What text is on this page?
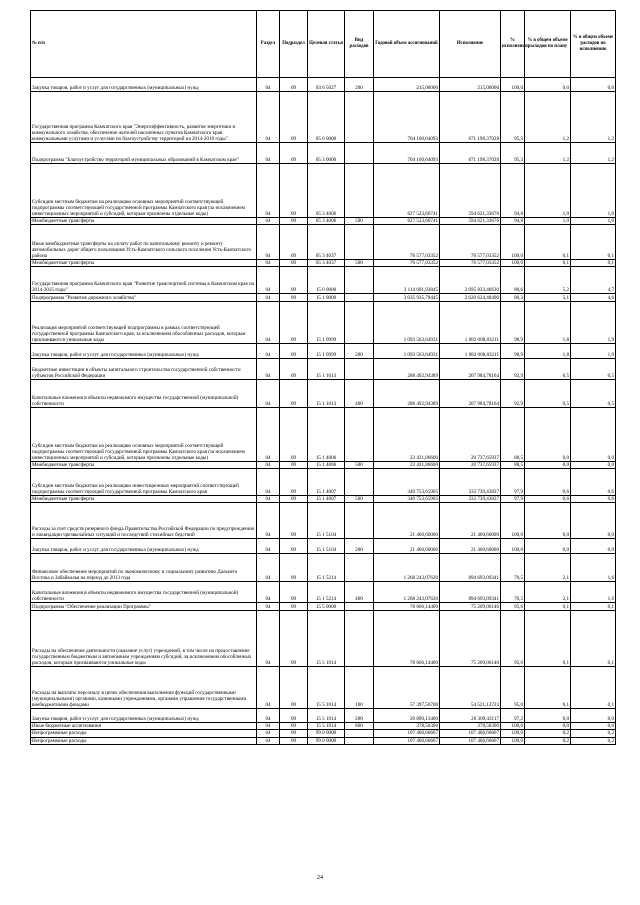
№ п/п	Раздел	Подраздел	Целевая статья	Вид расходов	Годовой объем ассигнований	Исполнение	% исполнения	% в общем объеме расходов по плану	% в общем объеме расходов по исполнению
Закупка товаров, работ и услуг для государственных (муниципальных) нужд	04	09	03 6 5027	200	215,00000	215,00000	100,0	0,0	0,0
Государственная программа Камчатского края "Энергоэффективность, развитие энергетики и коммунального хозяйства, обеспечение жителей населенных пунктов Камчатского края коммунальными услугами и услугами по благоустройству территорий на 2014-2018 годы"	04	09	05 0 0000		704 100,64093	671 198,37028	95,3	1,2	1,2
Подпрограмма "Благоустройство территорий муниципальных образований в Камчатском крае"	04	09	05 3 0000		704 100,64093	671 198,37028	95,3	1,2	1,2
Субсидии местным бюджетам на реализацию основных мероприятий соответствующей подпрограммы соответствующей государственной программы Камчатского края (за исключением инвестиционных мероприятий и субсидий, которым присвоены отдельные коды)	04	09	05 3 4006		627 523,60741	594 621,33676	94,8	1,0	1,0
Межбюджетные трансферты	04	09	05 3 4006	500	627 523,60741	594 621,33676	94,8	1,0	1,0
Иные межбюджетные трансферты на оплату работ по капитальному ремонту и ремонту автомобильных дорог общего пользования Усть-Камчатского сельского поселения Усть-Камчатского района	04	09	05 3 4037		76 577,03352	76 577,03352	100,0	0,1	0,1
Межбюджетные трансферты	04	09	05 3 4037	500	76 577,03352	76 577,03352	100,0	0,1	0,1
Государственная программа Камчатского края "Развитие транспортной системы в Камчатском крае на 2014-2025 годы"	04	09	15 0 0000		3 114 601,93845	2 695 833,46630	86,6	5,2	4,7
Подпрограмма "Развитие дорожного хозяйства"	04	09	15 1 0000		3 035 935,79445	2 620 624,40490	86,3	5,1	4,6
Реализация мероприятий соответствующей подпрограммы в рамках соответствующей государственной программы Камчатского края, за исключением обособленных расходов, которым присваиваются уникальные коды	04	09	15 1 0999		1 093 563,64931	1 082 008,83211	98,9	1,8	1,9
Закупка товаров, работ и услуг для государственных (муниципальных) нужд	04	09	15 1 0999	200	1 093 563,64931	1 082 008,83211	98,9	1,8	1,9
Бюджетные инвестиции в объекты капитального строительства государственной собственности субъектов Российской Федерации	04	09	15 1 1013		288 492,94389	267 984,78164	92,9	0,5	0,5
Капитальные вложения в объекты недвижимого имущества государственной (муниципальной) собственности	04	09	15 1 1013	400	288 492,94389	267 984,78164	92,9	0,5	0,5
Субсидии местным бюджетам на реализацию основных мероприятий соответствующей подпрограммы соответствующей государственной программы Камчатского края (за исключением инвестиционных мероприятий и субсидий, которым присвоены отдельные коды)	04	09	15 1 4006		23 421,86600	20 737,65937	88,5	0,0	0,0
Межбюджетные трансферты	04	09	15 1 4006	500	23 421,86600	20 737,65937	88,5	0,0	0,0
Субсидии местным бюджетам на реализацию инвестиционных мероприятий соответствующей подпрограммы соответствующей государственной программы Камчатского края	04	09	15 1 4007		340 753,65905	333 739,43837	97,9	0,6	0,6
Межбюджетные трансферты	04	09	15 1 4007	500	340 753,65905	333 739,43837	97,9	0,6	0,6
Расходы за счет средств резервного фонда Правительства Российской Федерации по предупреждению и ликвидации чрезвычайных ситуаций и последствий стихийных бедствий	04	09	15 1 5104		21 460,60000	21 460,60000	100,0	0,0	0,0
Закупка товаров, работ и услуг для государственных (муниципальных) нужд	04	09	15 1 5104	200	21 460,60000	21 460,60000	100,0	0,0	0,0
Финансовое обеспечение мероприятий по экономическому и социальному развитию Дальнего Востока и Забайкалья на период до 2013 года	04	09	15 1 5214		1 268 243,07620	894 693,09341	70,5	2,1	1,6
Капитальные вложения в объекты недвижимого имущества государственной (муниципальной) собственности	04	09	15 1 5214	400	1 268 243,07620	894 693,09341	70,5	2,1	1,6
Подпрограмма "Обеспечение реализации Программы"	04	09	15 5 0000		78 666,14400	75 209,06140	95,6	0,1	0,1
Расходы на обеспечение деятельности (оказание услуг) учреждений, в том числе на предоставление государственным бюджетным и автономным учреждениям субсидий, за исключением обособленных расходов, которым присваиваются уникальные коды	04	09	15 5 1014		78 666,14400	75 209,06140	95,6	0,1	0,1
Расходы на выплаты персоналу в целях обеспечения выполнения функций государственными (муниципальными) органами, казенными учреждениями, органами управления государственными внебюджетными фондами	04	09	15 5 1014	100	57 397,50700	54 521,12723	95,0	0,1	0,1
Закупка товаров, работ и услуг для государственных (муниципальных) нужд	04	09	15 5 1014	200	20 890,13400	20 309,43117	97,2	0,0	0,0
Иные бюджетные ассигнования	04	09	15 5 1014	800	378,50300	378,50300	100,0	0,0	0,0
Непрограммные расходы	04	09	99 0 0000		107 466,66667	107 466,66667	100,0	0,2	0,2
Непрограммные расходы	04	09	99 0 0000		107 466,66667	107 466,66667	100,0	0,2	0,2
24
